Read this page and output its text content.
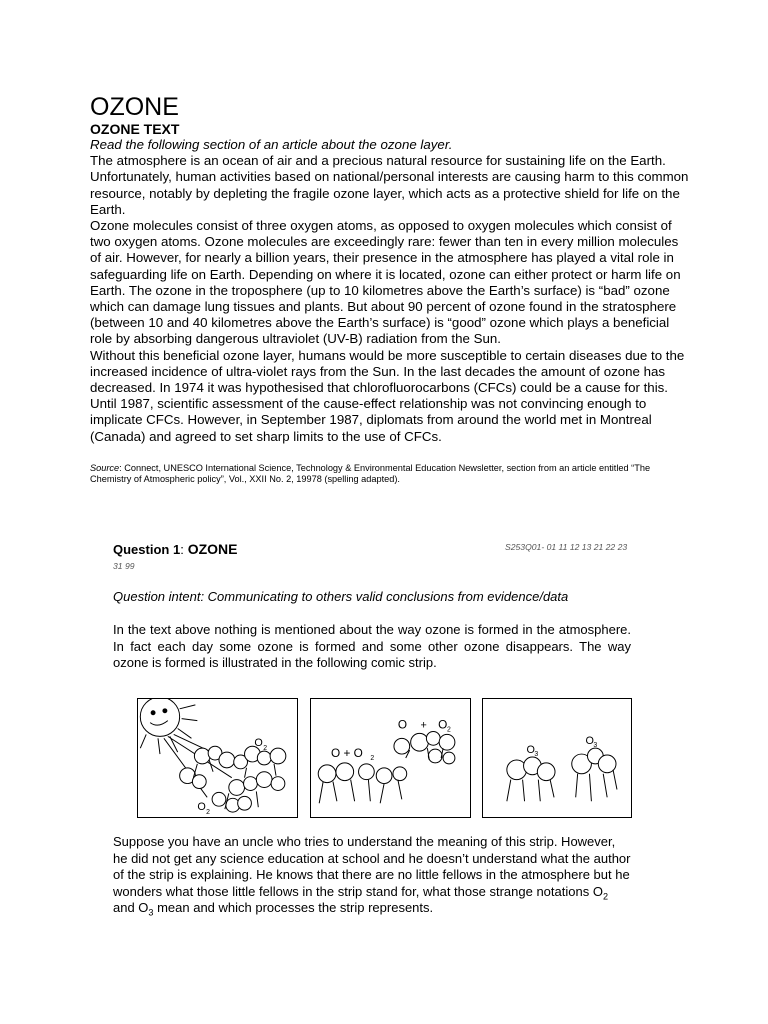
OZONE
OZONE TEXT

Read the following section of an article about the ozone layer.

The atmosphere is an ocean of air and a precious natural resource for sustaining life on the Earth. Unfortunately, human activities based on national/personal interests are causing harm to this common resource, notably by depleting the fragile ozone layer, which acts as a protective shield for life on the Earth.

Ozone molecules consist of three oxygen atoms, as opposed to oxygen molecules which consist of two oxygen atoms. Ozone molecules are exceedingly rare: fewer than ten in every million molecules of air. However, for nearly a billion years, their presence in the atmosphere has played a vital role in safeguarding life on Earth. Depending on where it is located, ozone can either protect or harm life on Earth. The ozone in the troposphere (up to 10 kilometres above the Earth’s surface) is “bad” ozone which can damage lung tissues and plants. But about 90 percent of ozone found in the stratosphere (between 10 and 40 kilometres above the Earth’s surface) is “good” ozone which plays a beneficial role by absorbing dangerous ultraviolet (UV-B) radiation from the Sun.

Without this beneficial ozone layer, humans would be more susceptible to certain diseases due to the increased incidence of ultra-violet rays from the Sun. In the last decades the amount of ozone has decreased. In 1974 it was hypothesised that chlorofluorocarbons (CFCs) could be a cause for this. Until 1987, scientific assessment of the cause-effect relationship was not convincing enough to implicate CFCs. However, in September 1987, diplomats from around the world met in Montreal (Canada) and agreed to set sharp limits to the use of CFCs.

Source: Connect, UNESCO International Science, Technology & Environmental Education Newsletter, section from an article entitled “The Chemistry of Atmospheric policy”, Vol., XXII No. 2, 19978 (spelling adapted).
Question 1: OZONE	S253Q01- 01 11 12 13 21 22 23
31 99
Question intent: Communicating to others valid conclusions from evidence/data
In the text above nothing is mentioned about the way ozone is formed in the atmosphere. In fact each day some ozone is formed and some other ozone disappears. The way ozone is formed is illustrated in the following comic strip.
O 2
O 2
O + O 2
O + O 2
O 3
O 3
Suppose you have an uncle who tries to understand the meaning of this strip. However, he did not get any science education at school and he doesn’t understand what the author of the strip is explaining. He knows that there are no little fellows in the atmosphere but he wonders what those little fellows in the strip stand for, what those strange notations $O_2$ and $O_3$ mean and which processes the strip represents.
